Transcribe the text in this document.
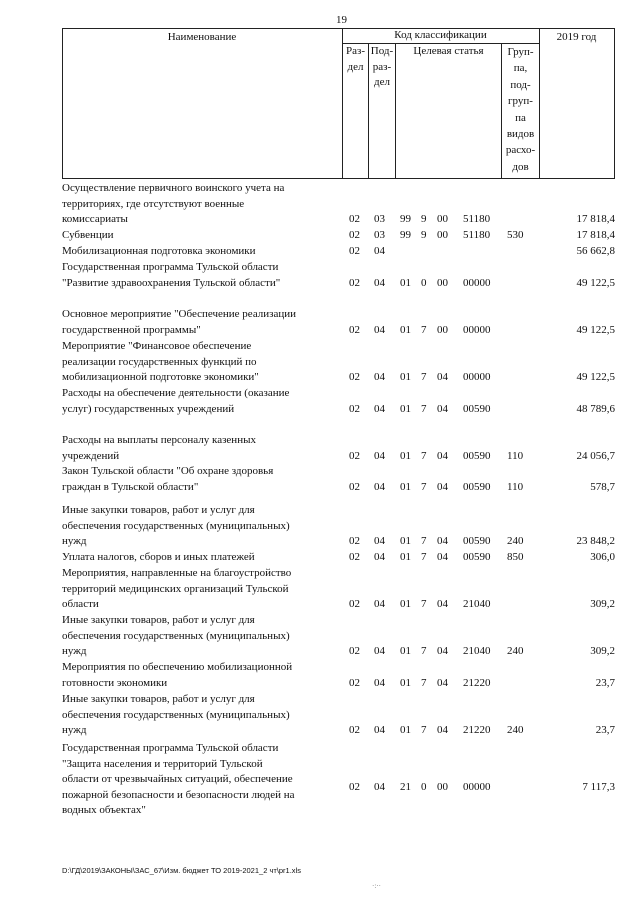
19
Наименование	Код классификации	2019 год
Раз-
дел
Под-
раз-
дел
Целевая статья	Груп-
па,
под-
груп-
па
видов
расхо-
дов
Осуществление первичного воинского учета на
территориях, где отсутствуют военные
комиссариаты	02 03 99 9 00 51180	17 818,4
Субвенции	02 03 99 9 00 51180 530	17 818,4
Мобилизационная подготовка экономики	02 04	56 662,8
Государственная программа Тульской области
"Развитие здравоохранения Тульской области"	02 04 01 0 00 00000	49 122,5
Основное мероприятие "Обеспечение реализации
государственной программы"	02 04 01 7 00 00000	49 122,5
Мероприятие "Финансовое обеспечение
реализации государственных функций по
мобилизационной подготовке экономики"	02 04 01 7 04 00000	49 122,5
Расходы на обеспечение деятельности (оказание
услуг) государственных учреждений	02 04 01 7 04 00590	48 789,6
Расходы на выплаты персоналу казенных
учреждений	02 04 01 7 04 00590 110	24 056,7
Закон Тульской области "Об охране здоровья
граждан в Тульской области"	02 04 01 7 04 00590 110	578,7
Иные закупки товаров, работ и услуг для
обеспечения государственных (муниципальных)
нужд	02 04 01 7 04 00590 240	23 848,2
Уплата налогов, сборов и иных платежей	02 04 01 7 04 00590 850	306,0
Мероприятия, направленные на благоустройство
территорий медицинских организаций Тульской
области	02 04 01 7 04 21040	309,2
Иные закупки товаров, работ и услуг для
обеспечения государственных (муниципальных)
нужд	02 04 01 7 04 21040 240	309,2
Мероприятия по обеспечению мобилизационной
готовности экономики	02 04 01 7 04 21220	23,7
Иные закупки товаров, работ и услуг для
обеспечения государственных (муниципальных)
нужд	02 04 01 7 04 21220 240	23,7
Государственная программа Тульской области
"Защита населения и территорий Тульской
области от чрезвычайных ситуаций, обеспечение
пожарной безопасности и безопасности людей на
водных объектах"
02 04 21 0 00 00000	7 117,3
D:\ГД\2019\ЗАКОНЫ\ЗАС_67\Изм. бюджет ТО 2019-2021_2 чт\pr1.xls
·:··
